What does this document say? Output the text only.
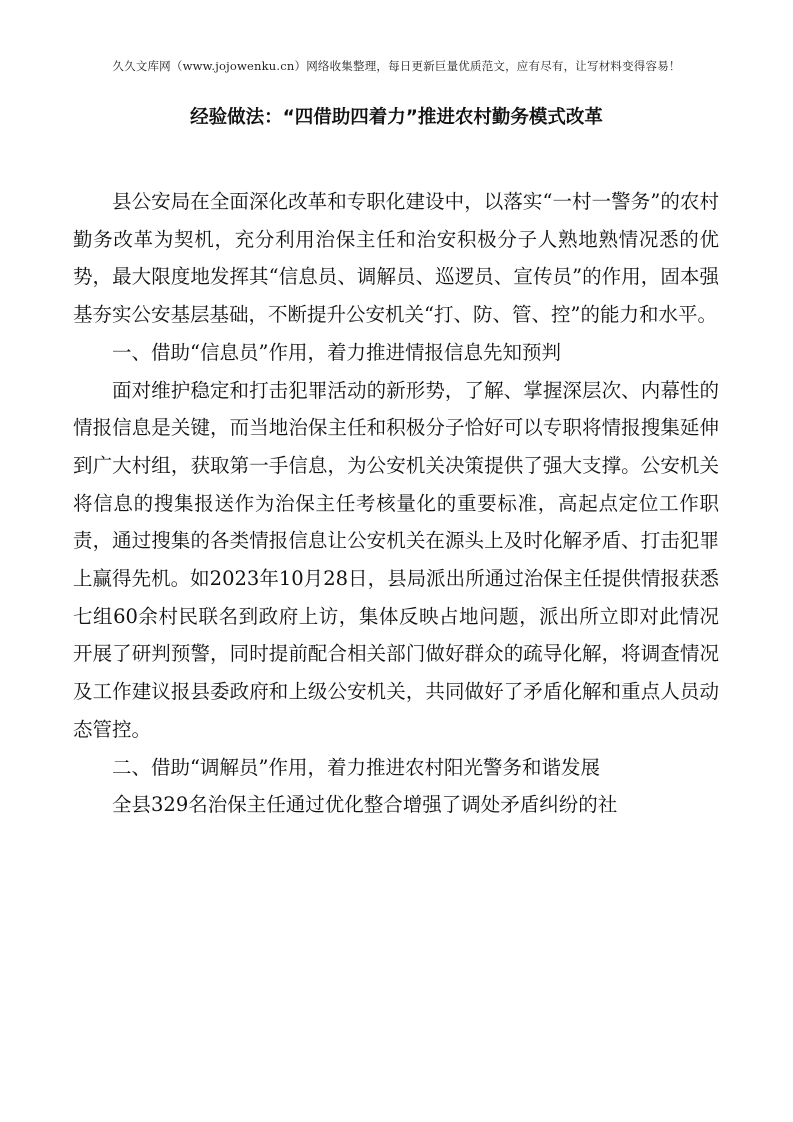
久久文库网（www.jojowenku.cn）网络收集整理，每日更新巨量优质范文，应有尽有，让写材料变得容易！
经验做法：“四借助四着力”推进农村勤务模式改革

县公安局在全面深化改革和专职化建设中，以落实“一村一警务”的农村勤务改革为契机，充分利用治保主任和治安积极分子人熟地熟情况悉的优势，最大限度地发挥其“信息员、调解员、巡逻员、宣传员”的作用，固本强基夯实公安基层基础，不断提升公安机关“打、防、管、控”的能力和水平。

一、借助“信息员”作用，着力推进情报信息先知预判

面对维护稳定和打击犯罪活动的新形势，了解、掌握深层次、内幕性的情报信息是关键，而当地治保主任和积极分子恰好可以专职将情报搜集延伸到广大村组，获取第一手信息，为公安机关决策提供了强大支撑。公安机关将信息的搜集报送作为治保主任考核量化的重要标准，高起点定位工作职责，通过搜集的各类情报信息让公安机关在源头上及时化解矛盾、打击犯罪上赢得先机。如2023年10月28日，县局派出所通过治保主任提供情报获悉七组60余村民联名到政府上访，集体反映占地问题，派出所立即对此情况开展了研判预警，同时提前配合相关部门做好群众的疏导化解，将调查情况及工作建议报县委政府和上级公安机关，共同做好了矛盾化解和重点人员动态管控。

二、借助“调解员”作用，着力推进农村阳光警务和谐发展

全县329名治保主任通过优化整合增强了调处矛盾纠纷的社
